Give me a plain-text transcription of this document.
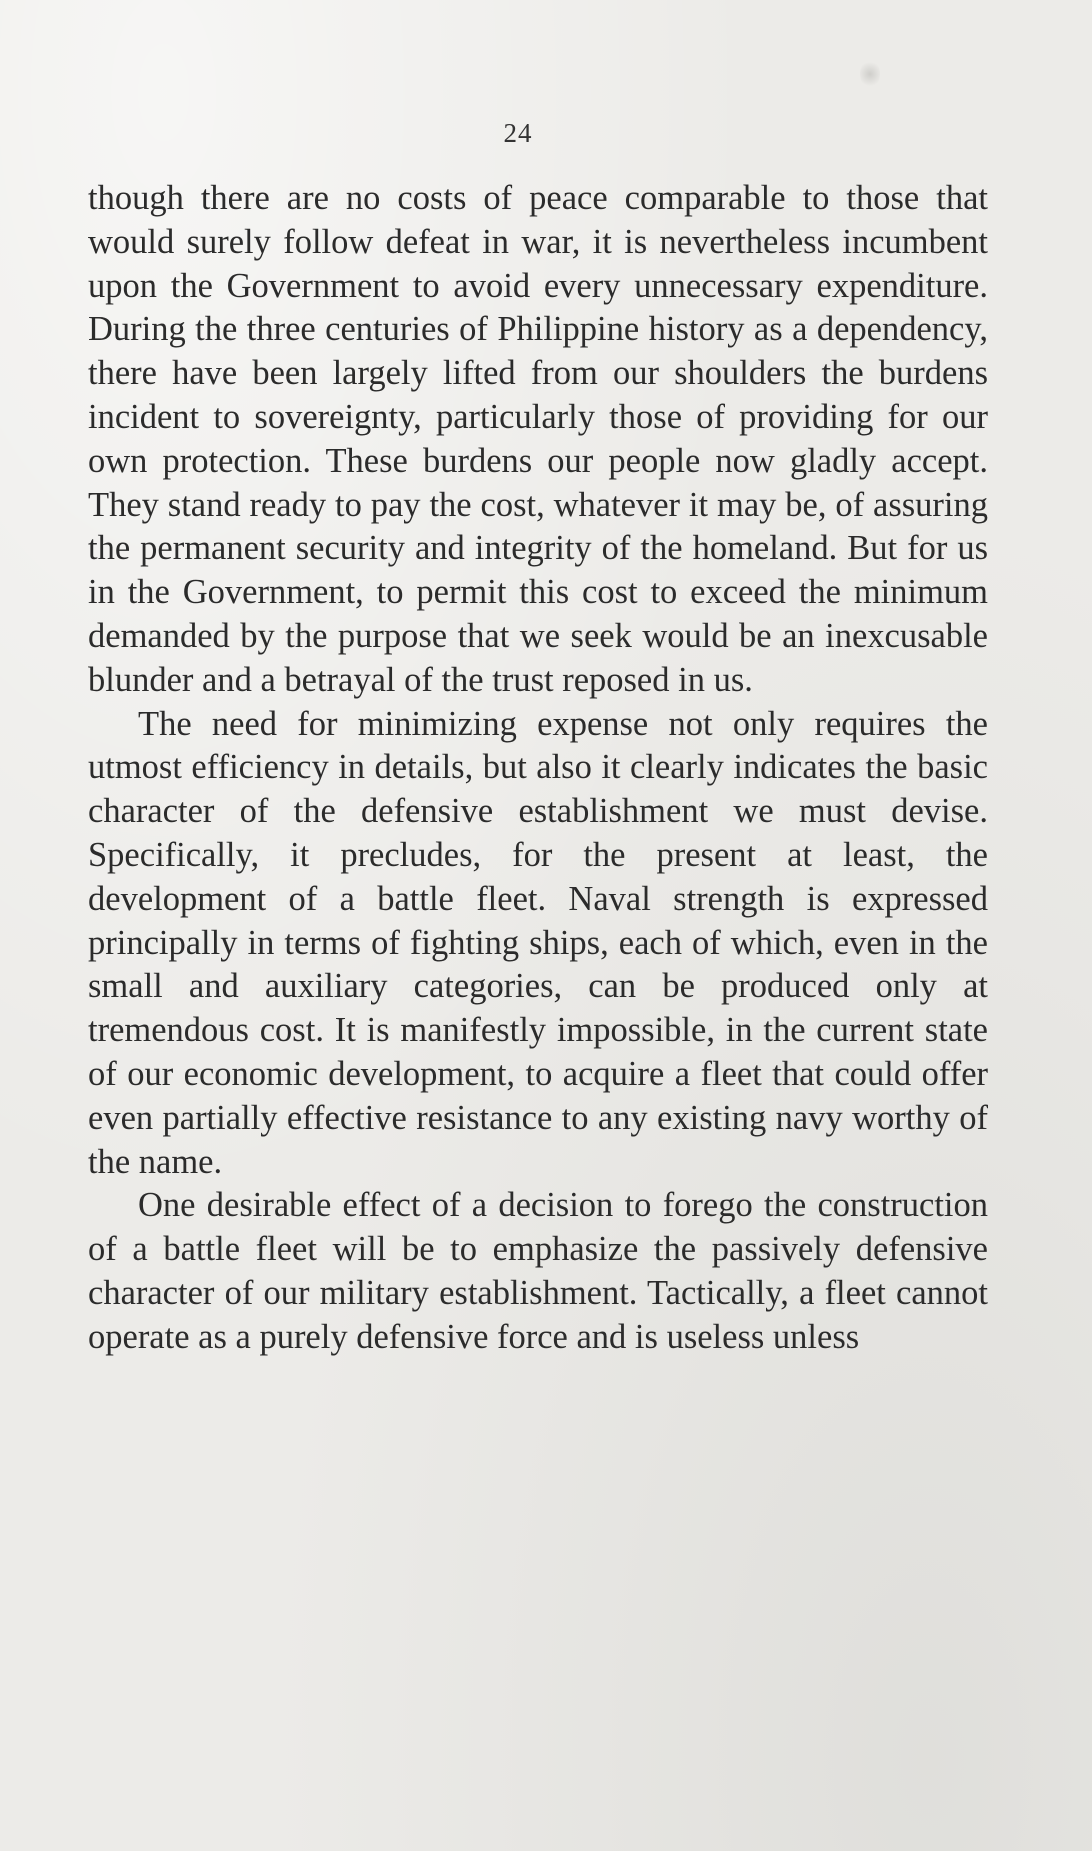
24

though there are no costs of peace comparable to those that would surely follow defeat in war, it is nevertheless incumbent upon the Government to avoid every unnecessary expenditure. During the three centuries of Philippine history as a dependency, there have been largely lifted from our shoulders the burdens incident to sovereignty, particularly those of providing for our own protection. These burdens our people now gladly accept. They stand ready to pay the cost, whatever it may be, of assuring the permanent security and integrity of the homeland. But for us in the Government, to permit this cost to exceed the minimum demanded by the purpose that we seek would be an inexcusable blunder and a betrayal of the trust reposed in us.

The need for minimizing expense not only requires the utmost efficiency in details, but also it clearly indicates the basic character of the defensive establishment we must devise. Specifically, it precludes, for the present at least, the development of a battle fleet. Naval strength is expressed principally in terms of fighting ships, each of which, even in the small and auxiliary categories, can be produced only at tremendous cost. It is manifestly impossible, in the current state of our economic development, to acquire a fleet that could offer even partially effective resistance to any existing navy worthy of the name.

One desirable effect of a decision to forego the construction of a battle fleet will be to emphasize the passively defensive character of our military establishment. Tactically, a fleet cannot operate as a purely defensive force and is useless unless
